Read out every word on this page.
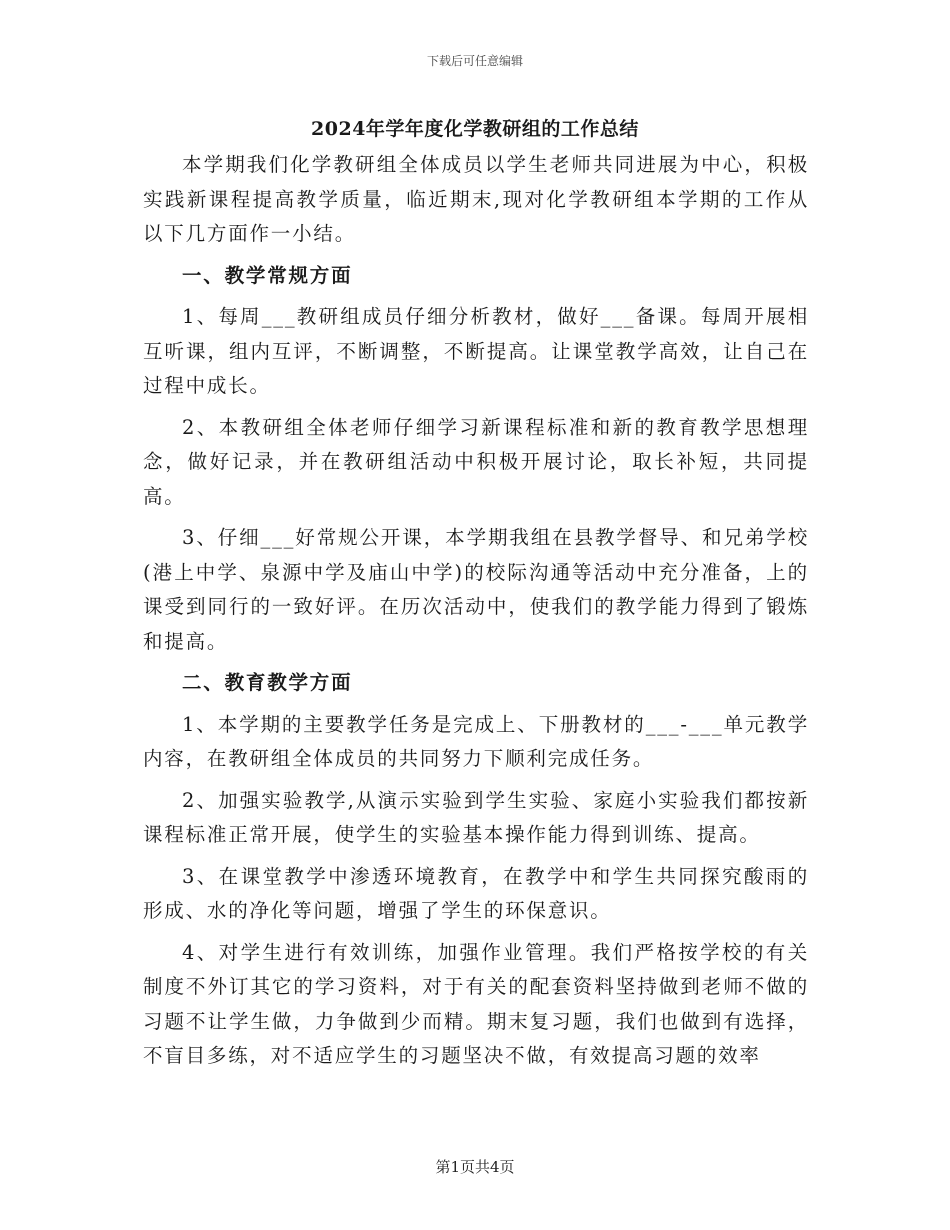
下载后可任意编辑
2024年学年度化学教研组的工作总结

本学期我们化学教研组全体成员以学生老师共同进展为中心，积极实践新课程提高教学质量，临近期末,现对化学教研组本学期的工作从以下几方面作一小结。

一、教学常规方面

1、每周___教研组成员仔细分析教材，做好___备课。每周开展相互听课，组内互评，不断调整，不断提高。让课堂教学高效，让自己在过程中成长。

2、本教研组全体老师仔细学习新课程标准和新的教育教学思想理念，做好记录，并在教研组活动中积极开展讨论，取长补短，共同提高。

3、仔细___好常规公开课，本学期我组在县教学督导、和兄弟学校(港上中学、泉源中学及庙山中学)的校际沟通等活动中充分准备，上的课受到同行的一致好评。在历次活动中，使我们的教学能力得到了锻炼和提高。

二、教育教学方面

1、本学期的主要教学任务是完成上、下册教材的___-___单元教学内容，在教研组全体成员的共同努力下顺利完成任务。

2、加强实验教学,从演示实验到学生实验、家庭小实验我们都按新课程标准正常开展，使学生的实验基本操作能力得到训练、提高。

3、在课堂教学中渗透环境教育，在教学中和学生共同探究酸雨的形成、水的净化等问题，增强了学生的环保意识。

4、对学生进行有效训练，加强作业管理。我们严格按学校的有关制度不外订其它的学习资料，对于有关的配套资料坚持做到老师不做的习题不让学生做，力争做到少而精。期末复习题，我们也做到有选择，不盲目多练，对不适应学生的习题坚决不做，有效提高习题的效率

第1页共4页
